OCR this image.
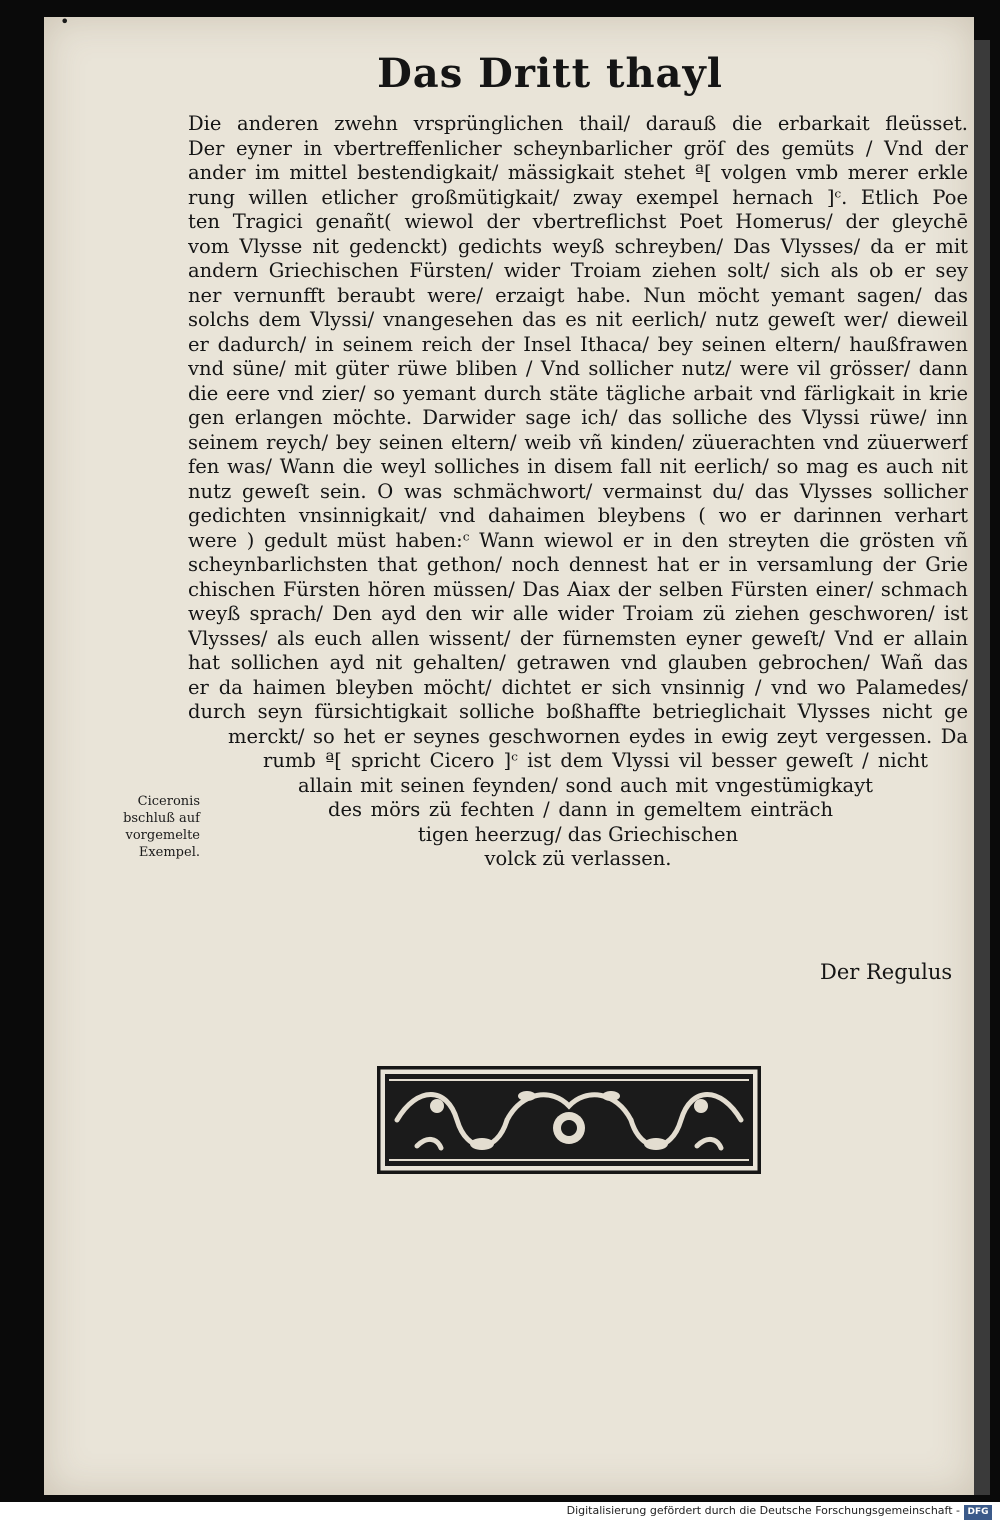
•
Das Dritt thayl
Die anderen zwehn vrsprünglichen thail/ darauß die erbarkait fleüsset.
Der eyner in vbertreffenlicher scheynbarlicher gröſ des gemüts / Vnd der
ander im mittel bestendigkait/ mässigkait stehet ª[ volgen vmb merer erkle
rung willen etlicher großmütigkait/ zway exempel hernach ]ᶜ. Etlich Poe
ten Tragici genañt( wiewol der vbertreflichst Poet Homerus/ der gleychē
vom Vlysse nit gedenckt) gedichts weyß schreyben/ Das Vlysses/ da er mit
andern Griechischen Fürsten/ wider Troiam ziehen solt/ sich als ob er sey
ner vernunfft beraubt were/ erzaigt habe. Nun möcht yemant sagen/ das
solchs dem Vlyssi/ vnangesehen das es nit eerlich/ nutz geweſt wer/ dieweil
er dadurch/ in seinem reich der Insel Ithaca/ bey seinen eltern/ haußfrawen
vnd süne/ mit güter rüwe bliben / Vnd sollicher nutz/ were vil grösser/ dann
die eere vnd zier/ so yemant durch stäte tägliche arbait vnd färligkait in krie
gen erlangen möchte. Darwider sage ich/ das solliche des Vlyssi rüwe/ inn
seinem reych/ bey seinen eltern/ weib vñ kinden/ züuerachten vnd züuerwerf
fen was/ Wann die weyl solliches in disem fall nit eerlich/ so mag es auch nit
nutz geweſt sein. O was schmächwort/ vermainst du/ das Vlysses sollicher
gedichten vnsinnigkait/ vnd dahaimen bleybens ( wo er darinnen verhart
were ) gedult müst haben:ᶜ Wann wiewol er in den streyten die grösten vñ
scheynbarlichsten that gethon/ noch dennest hat er in versamlung der Grie
chischen Fürsten hören müssen/ Das Aiax der selben Fürsten einer/ schmach
weyß sprach/ Den ayd den wir alle wider Troiam zü ziehen geschworen/ ist
Vlysses/ als euch allen wissent/ der fürnemsten eyner geweſt/ Vnd er allain
hat sollichen ayd nit gehalten/ getrawen vnd glauben gebrochen/ Wañ das
er da haimen bleyben möcht/ dichtet er sich vnsinnig / vnd wo Palamedes/
durch seyn fürsichtigkait solliche boßhaffte betrieglichait Vlysses nicht ge
merckt/ so het er seynes geschwornen eydes in ewig zeyt vergessen. Da
rumb ª[ spricht Cicero ]ᶜ ist dem Vlyssi vil besser geweſt / nicht
allain mit seinen feynden/ sond auch mit vngestümigkayt
des mörs zü fechten / dann in gemeltem einträch
tigen heerzug/ das Griechischen
volck zü verlassen.
Ciceronis
bschluß auf
vorgemelte
Exempel.
Der Regulus
Digitalisierung gefördert durch die Deutsche Forschungsgemeinschaft - DFG
